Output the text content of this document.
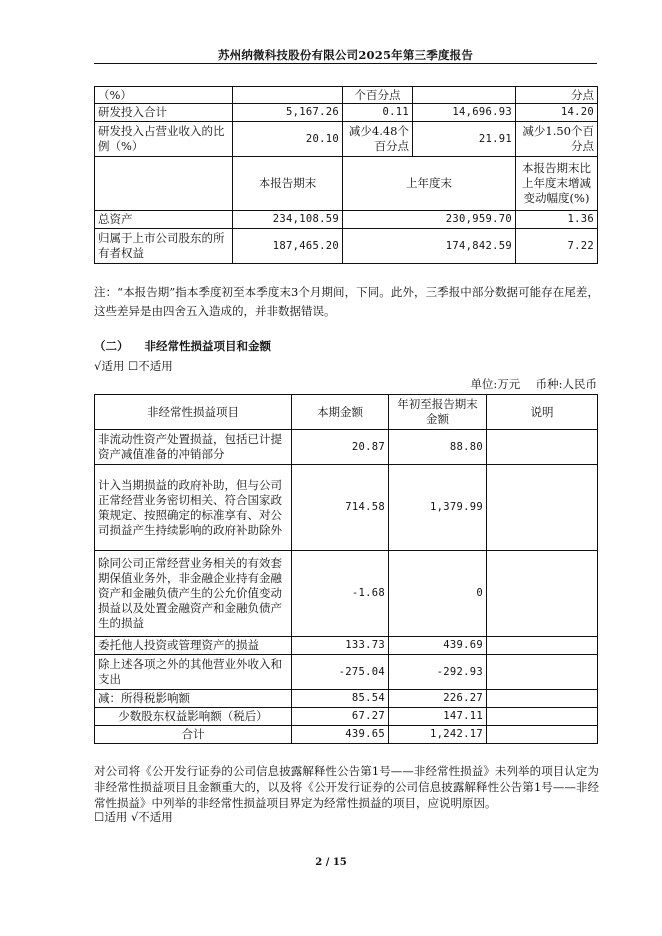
苏州纳微科技股份有限公司2025年第三季度报告
（%）		个百分点		分点
研发投入合计	5,167.26	0.11	14,696.93	14.20
研发投入占营业收入的比例（%）	20.10	减少4.48个百分点	21.91	减少1.50个百分点
	本报告期末	上年度末		本报告期末比上年度末增减变动幅度(%)
总资产	234,108.59	230,959.70		1.36
归属于上市公司股东的所有者权益	187,465.20	174,842.59		7.22
注：“本报告期”指本季度初至本季度末3个月期间，下同。此外，三季报中部分数据可能存在尾差，这些差异是由四舍五入造成的，并非数据错误。
（二） 非经常性损益项目和金额
√适用 ☐不适用
单位:万元 币种:人民币
非经常性损益项目	本期金额	年初至报告期末金额	说明
非流动性资产处置损益，包括已计提资产减值准备的冲销部分	20.87	88.80	
计入当期损益的政府补助，但与公司正常经营业务密切相关、符合国家政策规定、按照确定的标准享有、对公司损益产生持续影响的政府补助除外	714.58	1,379.99	
除同公司正常经营业务相关的有效套期保值业务外，非金融企业持有金融资产和金融负债产生的公允价值变动损益以及处置金融资产和金融负债产生的损益	-1.68	0	
委托他人投资或管理资产的损益	133.73	439.69	
除上述各项之外的其他营业外收入和支出	-275.04	-292.93	
减：所得税影响额	85.54	226.27	
少数股东权益影响额（税后）	67.27	147.11	
合计	439.65	1,242.17	
对公司将《公开发行证券的公司信息披露解释性公告第1号——非经常性损益》未列举的项目认定为非经常性损益项目且金额重大的，以及将《公开发行证券的公司信息披露解释性公告第1号——非经常性损益》中列举的非经常性损益项目界定为经常性损益的项目，应说明原因。
☐适用 √不适用
2 / 15
